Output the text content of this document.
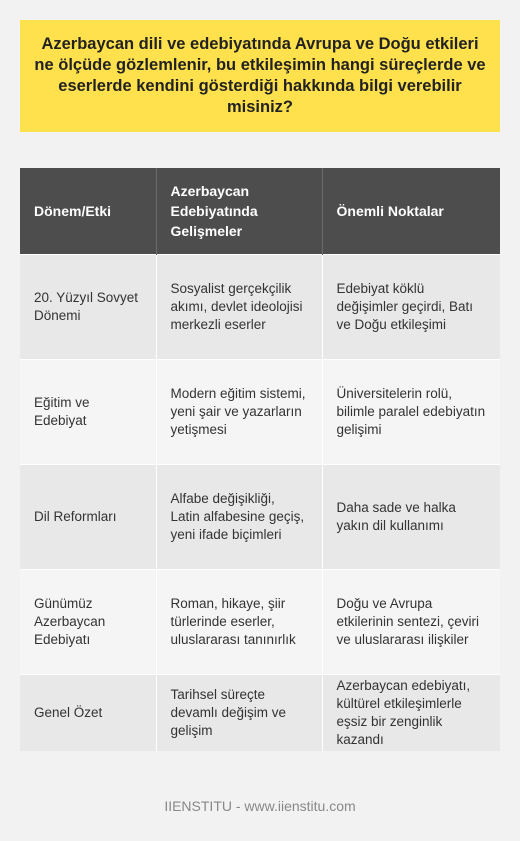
Azerbaycan dili ve edebiyatında Avrupa ve Doğu etkileri ne ölçüde gözlemlenir, bu etkileşimin hangi süreçlerde ve eserlerde kendini gösterdiği hakkında bilgi verebilir misiniz?
Dönem/Etki	Azerbaycan Edebiyatında Gelişmeler	Önemli Noktalar
20. Yüzyıl Sovyet Dönemi	Sosyalist gerçekçilik akımı, devlet ideolojisi merkezli eserler	Edebiyat köklü değişimler geçirdi, Batı ve Doğu etkileşimi
Eğitim ve Edebiyat	Modern eğitim sistemi, yeni şair ve yazarların yetişmesi	Üniversitelerin rolü, bilimle paralel edebiyatın gelişimi
Dil Reformları	Alfabe değişikliği, Latin alfabesine geçiş, yeni ifade biçimleri	Daha sade ve halka yakın dil kullanımı
Günümüz Azerbaycan Edebiyatı	Roman, hikaye, şiir türlerinde eserler, uluslararası tanınırlık	Doğu ve Avrupa etkilerinin sentezi, çeviri ve uluslararası ilişkiler
Genel Özet	Tarihsel süreçte devamlı değişim ve gelişim	Azerbaycan edebiyatı, kültürel etkileşimlerle eşsiz bir zenginlik kazandı
IIENSTITU - www.iienstitu.com
